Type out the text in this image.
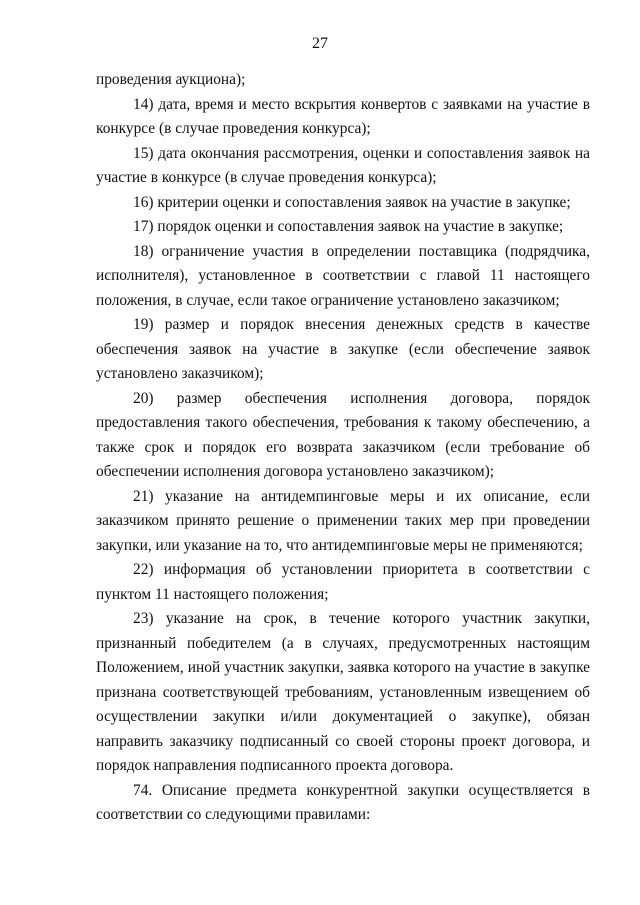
27

проведения аукциона);

14) дата, время и место вскрытия конвертов с заявками на участие в конкурсе (в случае проведения конкурса);

15) дата окончания рассмотрения, оценки и сопоставления заявок на участие в конкурсе (в случае проведения конкурса);

16) критерии оценки и сопоставления заявок на участие в закупке;

17) порядок оценки и сопоставления заявок на участие в закупке;

18) ограничение участия в определении поставщика (подрядчика, исполнителя), установленное в соответствии с главой 11 настоящего положения, в случае, если такое ограничение установлено заказчиком;

19) размер и порядок внесения денежных средств в качестве обеспечения заявок на участие в закупке (если обеспечение заявок установлено заказчиком);

20) размер обеспечения исполнения договора, порядок предоставления такого обеспечения, требования к такому обеспечению, а также срок и порядок его возврата заказчиком (если требование об обеспечении исполнения договора установлено заказчиком);

21) указание на антидемпинговые меры и их описание, если заказчиком принято решение о применении таких мер при проведении закупки, или указание на то, что антидемпинговые меры не применяются;

22) информация об установлении приоритета в соответствии с пунктом 11 настоящего положения;

23) указание на срок, в течение которого участник закупки, признанный победителем (а в случаях, предусмотренных настоящим Положением, иной участник закупки, заявка которого на участие в закупке признана соответствующей требованиям, установленным извещением об осуществлении закупки и/или документацией о закупке), обязан направить заказчику подписанный со своей стороны проект договора, и порядок направления подписанного проекта договора.

74. Описание предмета конкурентной закупки осуществляется в соответствии со следующими правилами:
